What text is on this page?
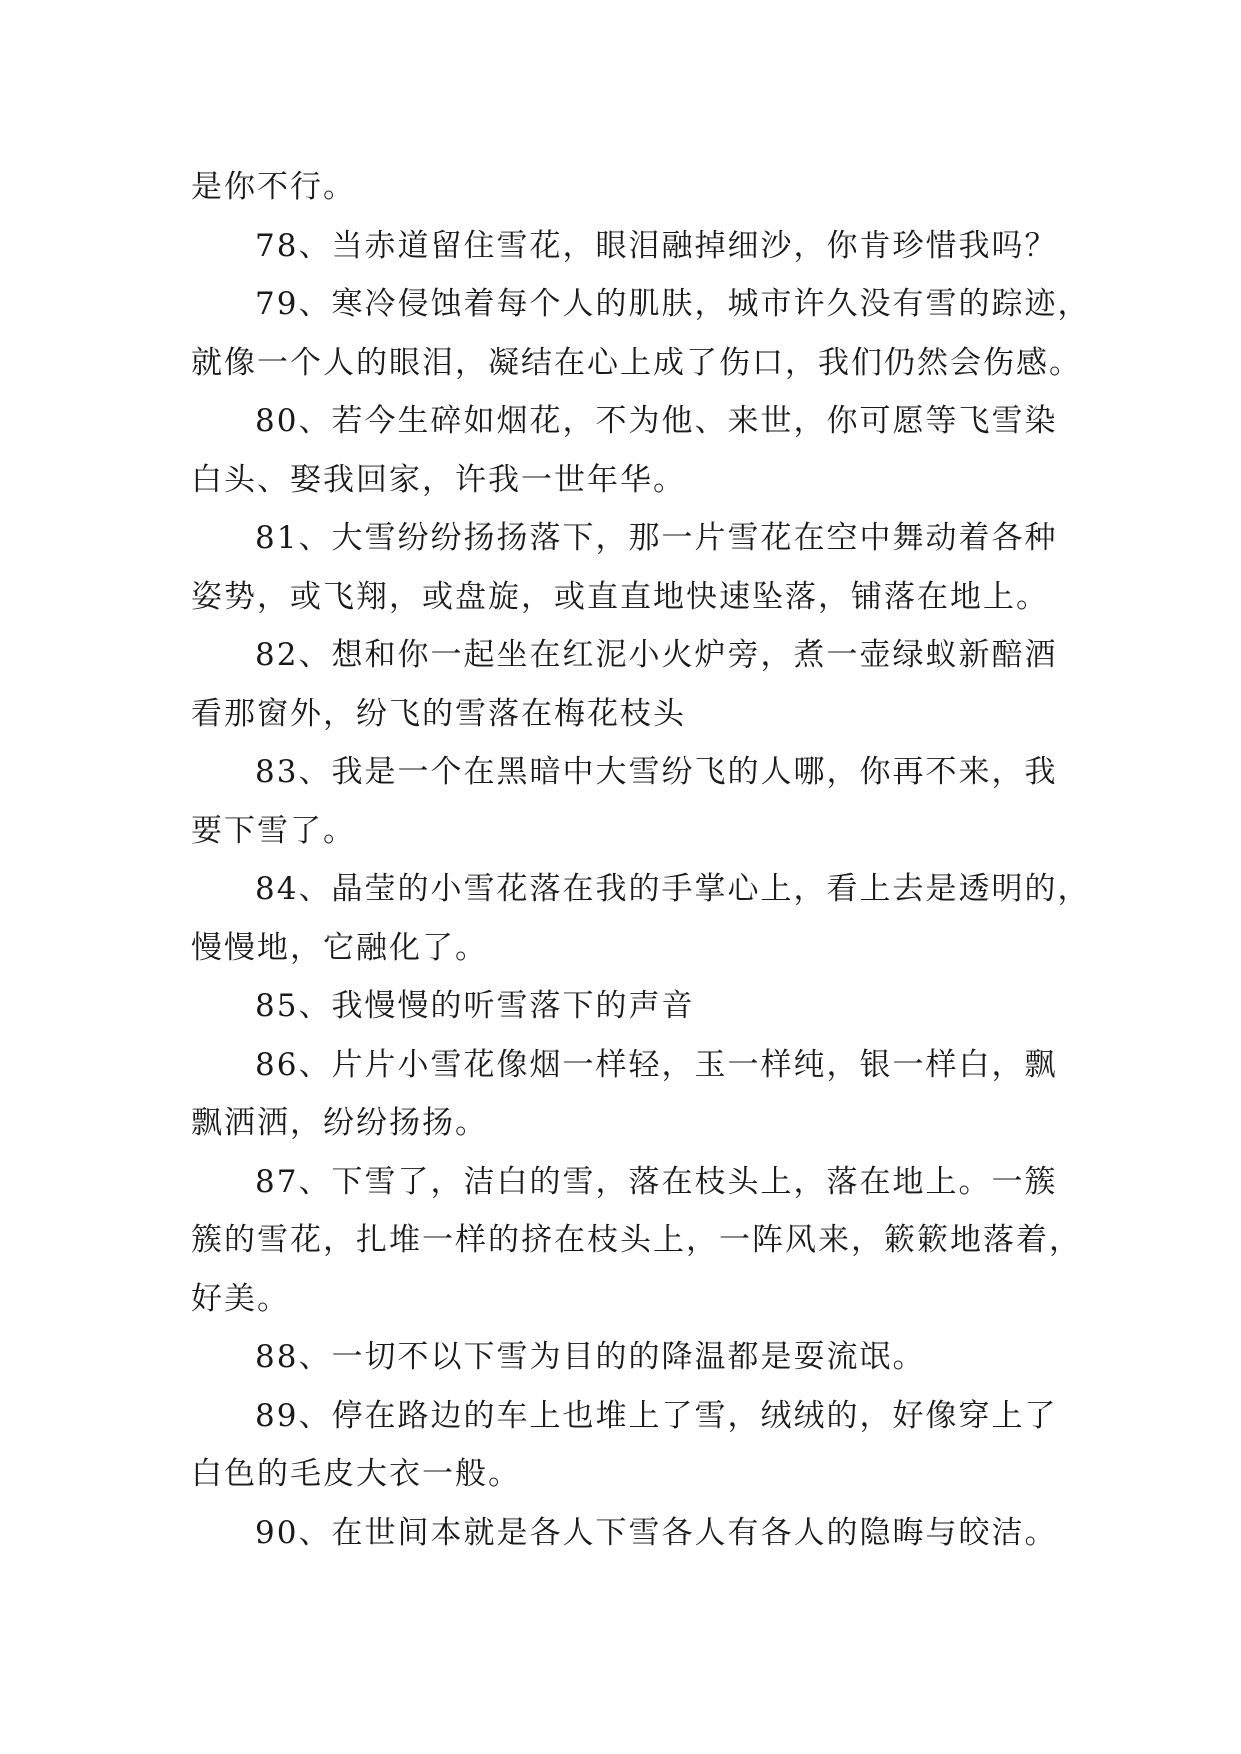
是你不行。
78、当赤道留住雪花，眼泪融掉细沙，你肯珍惜我吗？
79、寒冷侵蚀着每个人的肌肤，城市许久没有雪的踪迹，
就像一个人的眼泪，凝结在心上成了伤口，我们仍然会伤感。
80、若今生碎如烟花，不为他、来世，你可愿等飞雪染
白头、娶我回家，许我一世年华。
81、大雪纷纷扬扬落下，那一片雪花在空中舞动着各种
姿势，或飞翔，或盘旋，或直直地快速坠落，铺落在地上。
82、想和你一起坐在红泥小火炉旁，煮一壶绿蚁新醅酒
看那窗外，纷飞的雪落在梅花枝头
83、我是一个在黑暗中大雪纷飞的人哪，你再不来，我
要下雪了。
84、晶莹的小雪花落在我的手掌心上，看上去是透明的，
慢慢地，它融化了。
85、我慢慢的听雪落下的声音
86、片片小雪花像烟一样轻，玉一样纯，银一样白，飘
飘洒洒，纷纷扬扬。
87、下雪了，洁白的雪，落在枝头上，落在地上。一簇
簇的雪花，扎堆一样的挤在枝头上，一阵风来，簌簌地落着，
好美。
88、一切不以下雪为目的的降温都是耍流氓。
89、停在路边的车上也堆上了雪，绒绒的，好像穿上了
白色的毛皮大衣一般。
90、在世间本就是各人下雪各人有各人的隐晦与皎洁。
